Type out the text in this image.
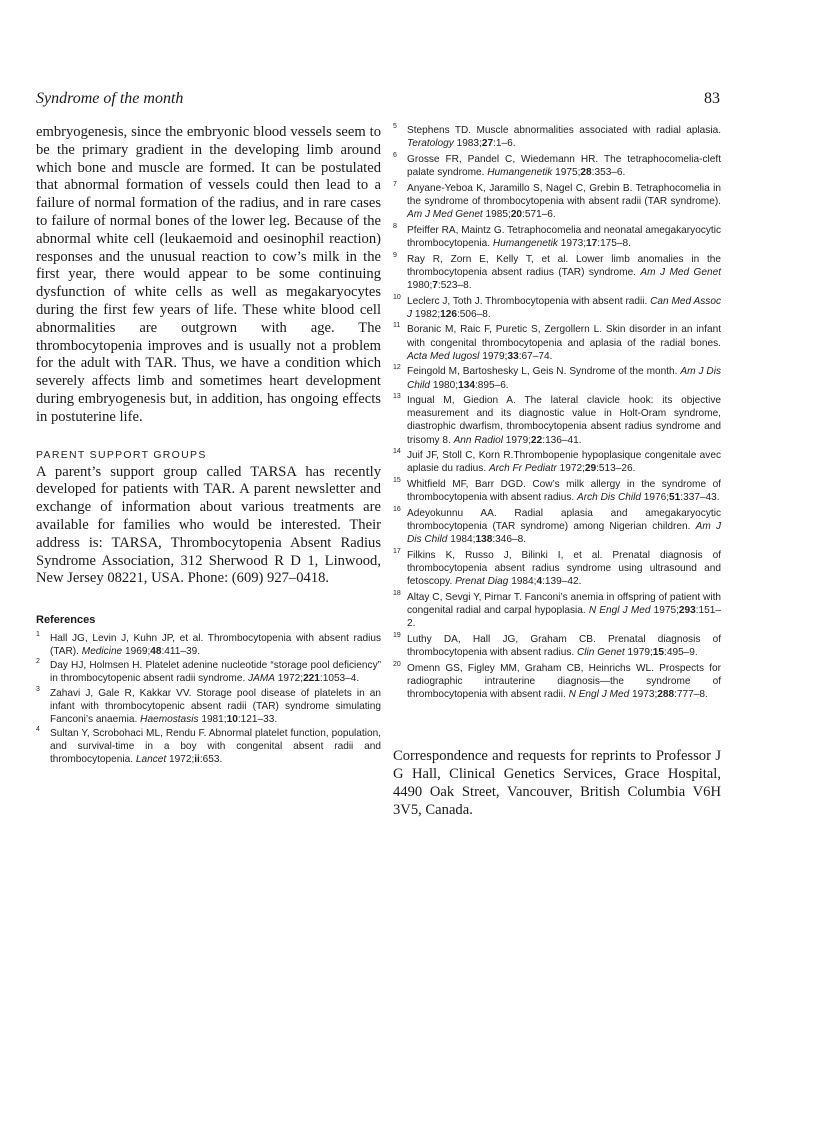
Syndrome of the month	83

embryogenesis, since the embryonic blood vessels seem to be the primary gradient in the developing limb around which bone and muscle are formed. It can be postulated that abnormal formation of vessels could then lead to a failure of normal formation of the radius, and in rare cases to failure of normal bones of the lower leg. Because of the abnormal white cell (leukaemoid and oesinophil reaction) responses and the unusual reaction to cow’s milk in the first year, there would appear to be some continuing dysfunction of white cells as well as megakaryocytes during the first few years of life. These white blood cell abnormalities are outgrown with age. The thrombocytopenia improves and is usually not a problem for the adult with TAR. Thus, we have a condition which severely affects limb and sometimes heart development during embryogenesis but, in addition, has ongoing effects in postuterine life.

PARENT SUPPORT GROUPS

A parent’s support group called TARSA has recently developed for patients with TAR. A parent newsletter and exchange of information about various treatments are available for families who would be interested. Their address is: TARSA, Thrombocytopenia Absent Radius Syndrome Association, 312 Sherwood R D 1, Linwood, New Jersey 08221, USA. Phone: (609) 927–0418.

References
1 Hall JG, Levin J, Kuhn JP, et al. Thrombocytopenia with absent radius (TAR). Medicine 1969;48:411–39.
2 Day HJ, Holmsen H. Platelet adenine nucleotide “storage pool deficiency” in thrombocytopenic absent radii syndrome. JAMA 1972;221:1053–4.
3 Zahavi J, Gale R, Kakkar VV. Storage pool disease of platelets in an infant with thrombocytopenic absent radii (TAR) syndrome simulating Fanconi’s anaemia. Haemostasis 1981;10:121–33.
4 Sultan Y, Scrobohaci ML, Rendu F. Abnormal platelet function, population, and survival-time in a boy with congenital absent radii and thrombocytopenia. Lancet 1972;ii:653.
5 Stephens TD. Muscle abnormalities associated with radial aplasia. Teratology 1983;27:1–6.
6 Grosse FR, Pandel C, Wiedemann HR. The tetraphocomelia-cleft palate syndrome. Humangenetik 1975;28:353–6.
7 Anyane-Yeboa K, Jaramillo S, Nagel C, Grebin B. Tetraphocomelia in the syndrome of thrombocytopenia with absent radii (TAR syndrome). Am J Med Genet 1985;20:571–6.
8 Pfeiffer RA, Maintz G. Tetraphocomelia and neonatal amegakaryocytic thrombocytopenia. Humangenetik 1973;17:175–8.
9 Ray R, Zorn E, Kelly T, et al. Lower limb anomalies in the thrombocytopenia absent radius (TAR) syndrome. Am J Med Genet 1980;7:523–8.
10 Leclerc J, Toth J. Thrombocytopenia with absent radii. Can Med Assoc J 1982;126:506–8.
11 Boranic M, Raic F, Puretic S, Zergollern L. Skin disorder in an infant with congenital thrombocytopenia and aplasia of the radial bones. Acta Med Iugosl 1979;33:67–74.
12 Feingold M, Bartoshesky L, Geis N. Syndrome of the month. Am J Dis Child 1980;134:895–6.
13 Ingual M, Giedion A. The lateral clavicle hook: its objective measurement and its diagnostic value in Holt-Oram syndrome, diastrophic dwarfism, thrombocytopenia absent radius syndrome and trisomy 8. Ann Radiol 1979;22:136–41.
14 Juif JF, Stoll C, Korn R.Thrombopenie hypoplasique congenitale avec aplasie du radius. Arch Fr Pediatr 1972;29:513–26.
15 Whitfield MF, Barr DGD. Cow’s milk allergy in the syndrome of thrombocytopenia with absent radius. Arch Dis Child 1976;51:337–43.
16 Adeyokunnu AA. Radial aplasia and amegakaryocytic thrombocytopenia (TAR syndrome) among Nigerian children. Am J Dis Child 1984;138:346–8.
17 Filkins K, Russo J, Bilinki I, et al. Prenatal diagnosis of thrombocytopenia absent radius syndrome using ultrasound and fetoscopy. Prenat Diag 1984;4:139–42.
18 Altay C, Sevgi Y, Pirnar T. Fanconi’s anemia in offspring of patient with congenital radial and carpal hypoplasia. N Engl J Med 1975;293:151–2.
19 Luthy DA, Hall JG, Graham CB. Prenatal diagnosis of thrombocytopenia with absent radius. Clin Genet 1979;15:495–9.
20 Omenn GS, Figley MM, Graham CB, Heinrichs WL. Prospects for radiographic intrauterine diagnosis—the syndrome of thrombocytopenia with absent radii. N Engl J Med 1973;288:777–8.

Correspondence and requests for reprints to Professor J G Hall, Clinical Genetics Services, Grace Hospital, 4490 Oak Street, Vancouver, British Columbia V6H 3V5, Canada.
